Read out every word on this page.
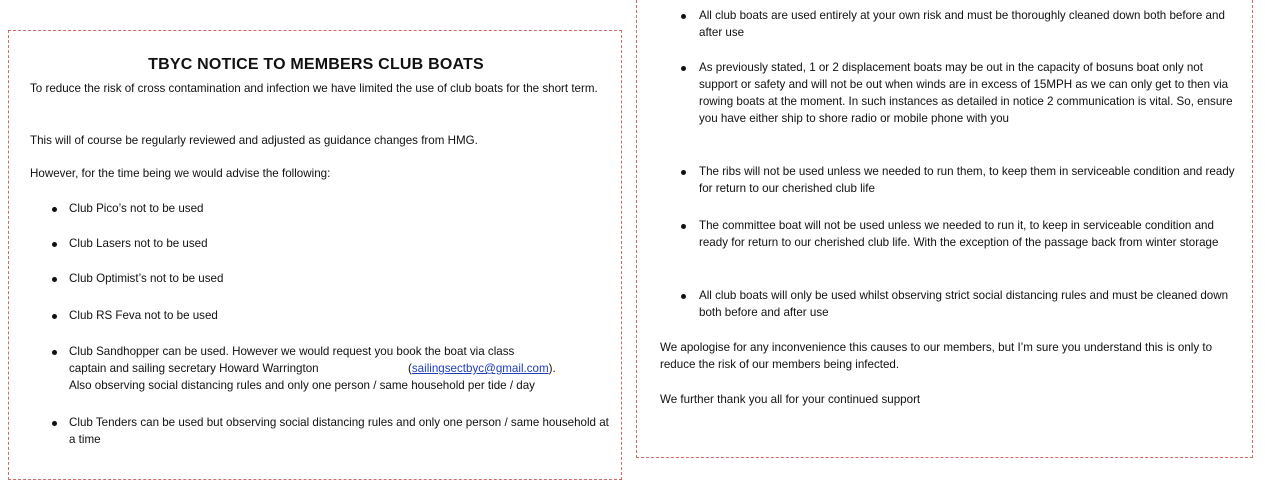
TBYC NOTICE TO MEMBERS CLUB BOATS

To reduce the risk of cross contamination and infection we have limited the use of club boats for the short term.

This will of course be regularly reviewed and adjusted as guidance changes from HMG.

However, for the time being we would advise the following:

Club Pico’s not to be used
Club Lasers not to be used
Club Optimist’s not to be used
Club RS Feva not to be used
Club Sandhopper can be used. However we would request you book the boat via class
captain and sailing secretary Howard Warrington	(sailingsectbyc@gmail.com).
Also observing social distancing rules and only one person / same household per tide / day
Club Tenders can be used but observing social distancing rules and only one person / same household at a time
All club boats are used entirely at your own risk and must be thoroughly cleaned down both before and after use
As previously stated, 1 or 2 displacement boats may be out in the capacity of bosuns boat only not support or safety and will not be out when winds are in excess of 15MPH as we can only get to then via rowing boats at the moment. In such instances as detailed in notice 2 communication is vital. So, ensure you have either ship to shore radio or mobile phone with you
The ribs will not be used unless we needed to run them, to keep them in serviceable condition and ready for return to our cherished club life
The committee boat will not be used unless we needed to run it, to keep in serviceable condition and ready for return to our cherished club life. With the exception of the passage back from winter storage
All club boats will only be used whilst observing strict social distancing rules and must be cleaned down both before and after use

We apologise for any inconvenience this causes to our members, but I’m sure you understand this is only to reduce the risk of our members being infected.

We further thank you all for your continued support
